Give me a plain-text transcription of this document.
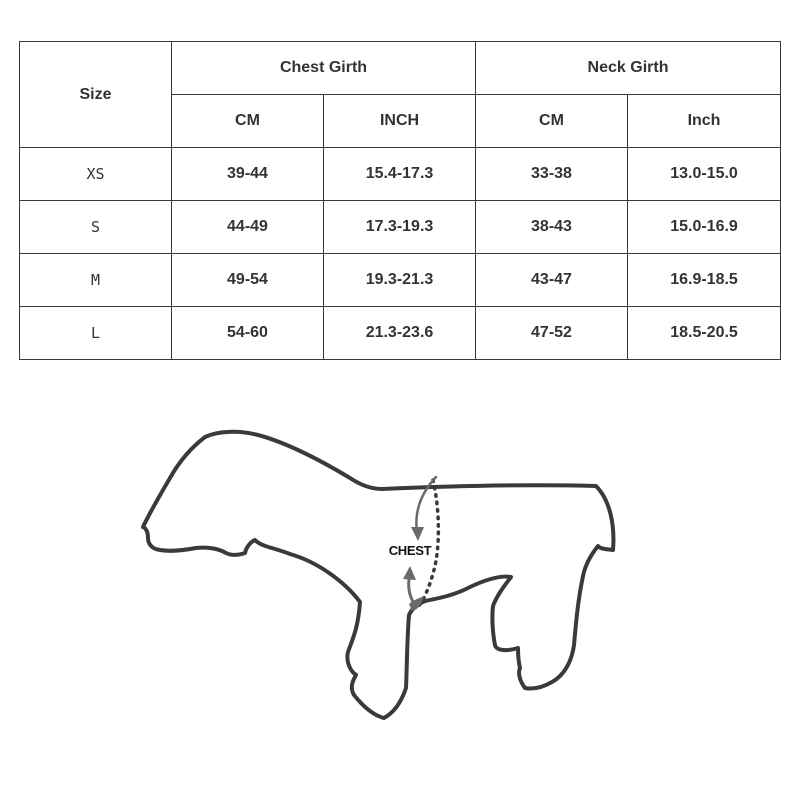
Size	Chest Girth		Neck Girth	
	CM	INCH	CM	Inch
XS	39-44	15.4-17.3	33-38	13.0-15.0
S	44-49	17.3-19.3	38-43	15.0-16.9
M	49-54	19.3-21.3	43-47	16.9-18.5
L	54-60	21.3-23.6	47-52	18.5-20.5
CHEST
